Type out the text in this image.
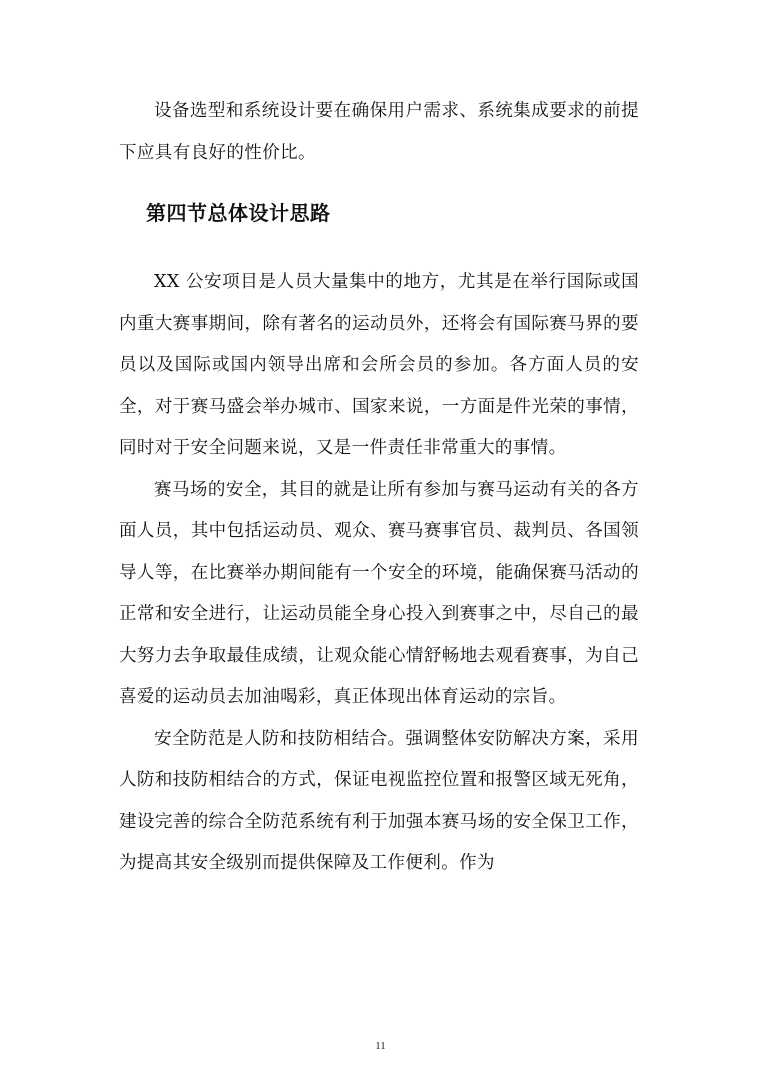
设备选型和系统设计要在确保用户需求、系统集成要求的前提下应具有良好的性价比。

第四节总体设计思路

XX 公安项目是人员大量集中的地方，尤其是在举行国际或国内重大赛事期间，除有著名的运动员外，还将会有国际赛马界的要员以及国际或国内领导出席和会所会员的参加。各方面人员的安全，对于赛马盛会举办城市、国家来说，一方面是件光荣的事情，同时对于安全问题来说，又是一件责任非常重大的事情。

赛马场的安全，其目的就是让所有参加与赛马运动有关的各方面人员，其中包括运动员、观众、赛马赛事官员、裁判员、各国领导人等，在比赛举办期间能有一个安全的环境，能确保赛马活动的正常和安全进行，让运动员能全身心投入到赛事之中，尽自己的最大努力去争取最佳成绩，让观众能心情舒畅地去观看赛事，为自己喜爱的运动员去加油喝彩，真正体现出体育运动的宗旨。

安全防范是人防和技防相结合。强调整体安防解决方案，采用人防和技防相结合的方式，保证电视监控位置和报警区域无死角，建设完善的综合全防范系统有利于加强本赛马场的安全保卫工作，为提高其安全级别而提供保障及工作便利。作为

11
